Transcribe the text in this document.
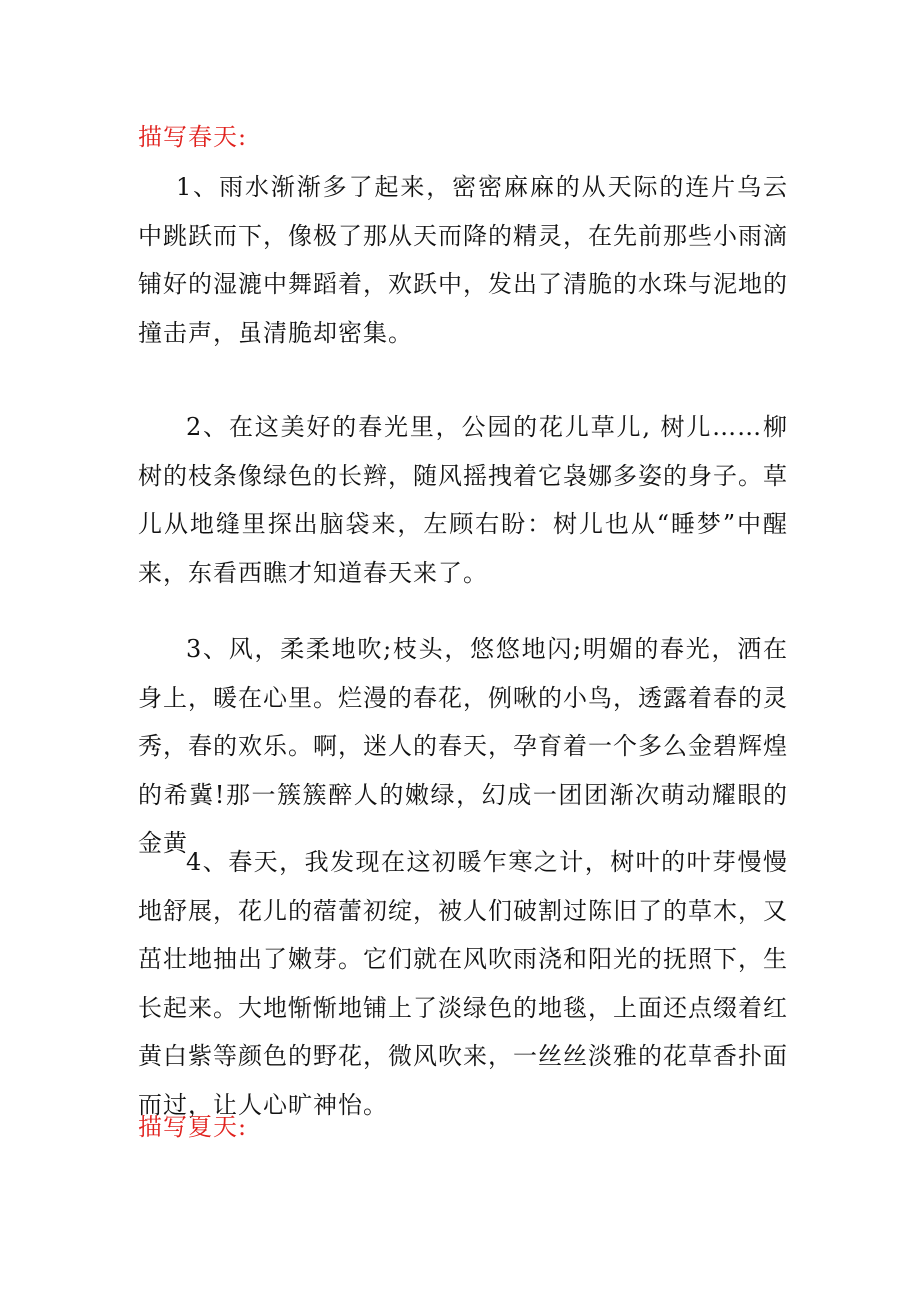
描写春天:
1、雨水渐渐多了起来，密密麻麻的从天际的连片乌云中跳跃而下，像极了那从天而降的精灵，在先前那些小雨滴铺好的湿漉中舞蹈着，欢跃中，发出了清脆的水珠与泥地的撞击声，虽清脆却密集。
2、在这美好的春光里，公园的花儿草儿, 树儿……柳树的枝条像绿色的长辫，随风摇拽着它袅娜多姿的身子。草儿从地缝里探出脑袋来，左顾右盼：树儿也从“睡梦”中醒来，东看西瞧才知道春天来了。
3、风，柔柔地吹;枝头，悠悠地闪;明媚的春光，洒在身上，暖在心里。烂漫的春花，例啾的小鸟，透露着春的灵秀，春的欢乐。啊，迷人的春天，孕育着一个多么金碧辉煌的希冀!那一簇簇醉人的嫩绿，幻成一团团渐次萌动耀眼的金黄
4、春天，我发现在这初暖乍寒之计，树叶的叶芽慢慢地舒展，花儿的蓿蕾初绽，被人们破割过陈旧了的草木，又茁壮地抽出了嫩芽。它们就在风吹雨浇和阳光的抚照下，生长起来。大地惭惭地铺上了淡绿色的地毯，上面还点缀着红黄白紫等颜色的野花，微风吹来，一丝丝淡雅的花草香扑面而过，让人心旷神怡。
描写夏天:
